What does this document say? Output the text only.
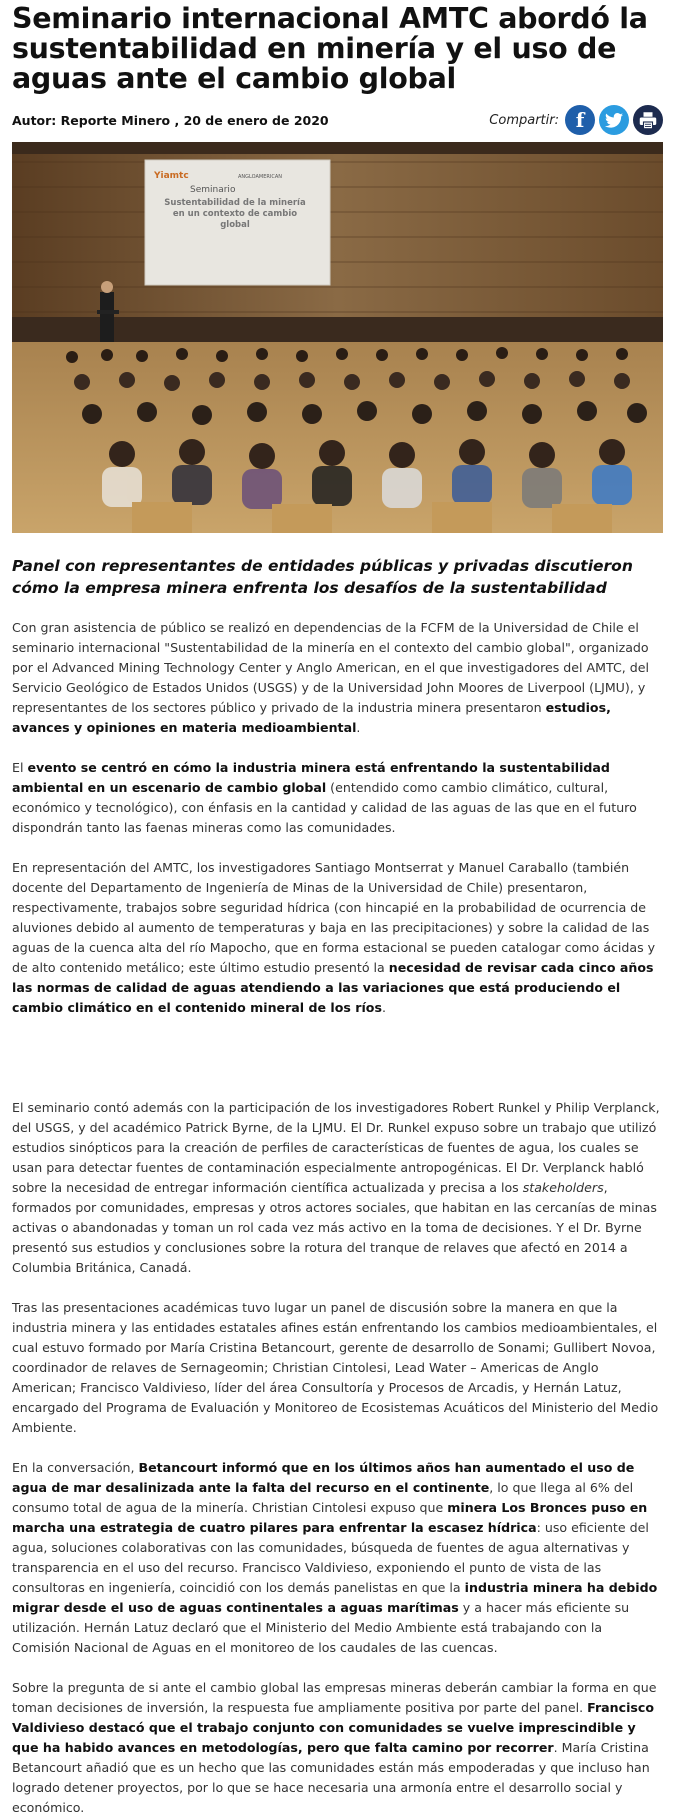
Seminario internacional AMTC abordó la sustentabilidad en minería y el uso de aguas ante el cambio global
Autor: Reporte Minero , 20 de enero de 2020	Compartir: f
Yiamtc	ANGLOAMERICAN
Seminario
Sustentabilidad de la minería en un contexto de cambio global
Panel con representantes de entidades públicas y privadas discutieron cómo la empresa minera enfrenta los desafíos de la sustentabilidad

Con gran asistencia de público se realizó en dependencias de la FCFM de la Universidad de Chile el seminario internacional "Sustentabilidad de la minería en el contexto del cambio global", organizado por el Advanced Mining Technology Center y Anglo American, en el que investigadores del AMTC, del Servicio Geológico de Estados Unidos (USGS) y de la Universidad John Moores de Liverpool (LJMU), y representantes de los sectores público y privado de la industria minera presentaron estudios, avances y opiniones en materia medioambiental.

El evento se centró en cómo la industria minera está enfrentando la sustentabilidad ambiental en un escenario de cambio global (entendido como cambio climático, cultural, económico y tecnológico), con énfasis en la cantidad y calidad de las aguas de las que en el futuro dispondrán tanto las faenas mineras como las comunidades.

En representación del AMTC, los investigadores Santiago Montserrat y Manuel Caraballo (también docente del Departamento de Ingeniería de Minas de la Universidad de Chile) presentaron, respectivamente, trabajos sobre seguridad hídrica (con hincapié en la probabilidad de ocurrencia de aluviones debido al aumento de temperaturas y baja en las precipitaciones) y sobre la calidad de las aguas de la cuenca alta del río Mapocho, que en forma estacional se pueden catalogar como ácidas y de alto contenido metálico; este último estudio presentó la necesidad de revisar cada cinco años las normas de calidad de aguas atendiendo a las variaciones que está produciendo el cambio climático en el contenido mineral de los ríos.

El seminario contó además con la participación de los investigadores Robert Runkel y Philip Verplanck, del USGS, y del académico Patrick Byrne, de la LJMU. El Dr. Runkel expuso sobre un trabajo que utilizó estudios sinópticos para la creación de perfiles de características de fuentes de agua, los cuales se usan para detectar fuentes de contaminación especialmente antropogénicas. El Dr. Verplanck habló sobre la necesidad de entregar información científica actualizada y precisa a los stakeholders, formados por comunidades, empresas y otros actores sociales, que habitan en las cercanías de minas activas o abandonadas y toman un rol cada vez más activo en la toma de decisiones. Y el Dr. Byrne presentó sus estudios y conclusiones sobre la rotura del tranque de relaves que afectó en 2014 a Columbia Británica, Canadá.

Tras las presentaciones académicas tuvo lugar un panel de discusión sobre la manera en que la industria minera y las entidades estatales afines están enfrentando los cambios medioambientales, el cual estuvo formado por María Cristina Betancourt, gerente de desarrollo de Sonami; Gullibert Novoa, coordinador de relaves de Sernageomin; Christian Cintolesi, Lead Water – Americas de Anglo American; Francisco Valdivieso, líder del área Consultoría y Procesos de Arcadis, y Hernán Latuz, encargado del Programa de Evaluación y Monitoreo de Ecosistemas Acuáticos del Ministerio del Medio Ambiente.

En la conversación, Betancourt informó que en los últimos años han aumentado el uso de agua de mar desalinizada ante la falta del recurso en el continente, lo que llega al 6% del consumo total de agua de la minería. Christian Cintolesi expuso que minera Los Bronces puso en marcha una estrategia de cuatro pilares para enfrentar la escasez hídrica: uso eficiente del agua, soluciones colaborativas con las comunidades, búsqueda de fuentes de agua alternativas y transparencia en el uso del recurso. Francisco Valdivieso, exponiendo el punto de vista de las consultoras en ingeniería, coincidió con los demás panelistas en que la industria minera ha debido migrar desde el uso de aguas continentales a aguas marítimas y a hacer más eficiente su utilización. Hernán Latuz declaró que el Ministerio del Medio Ambiente está trabajando con la Comisión Nacional de Aguas en el monitoreo de los caudales de las cuencas.

Sobre la pregunta de si ante el cambio global las empresas mineras deberán cambiar la forma en que toman decisiones de inversión, la respuesta fue ampliamente positiva por parte del panel. Francisco Valdivieso destacó que el trabajo conjunto con comunidades se vuelve imprescindible y que ha habido avances en metodologías, pero que falta camino por recorrer. María Cristina Betancourt añadió que es un hecho que las comunidades están más empoderadas y que incluso han logrado detener proyectos, por lo que se hace necesaria una armonía entre el desarrollo social y económico.
